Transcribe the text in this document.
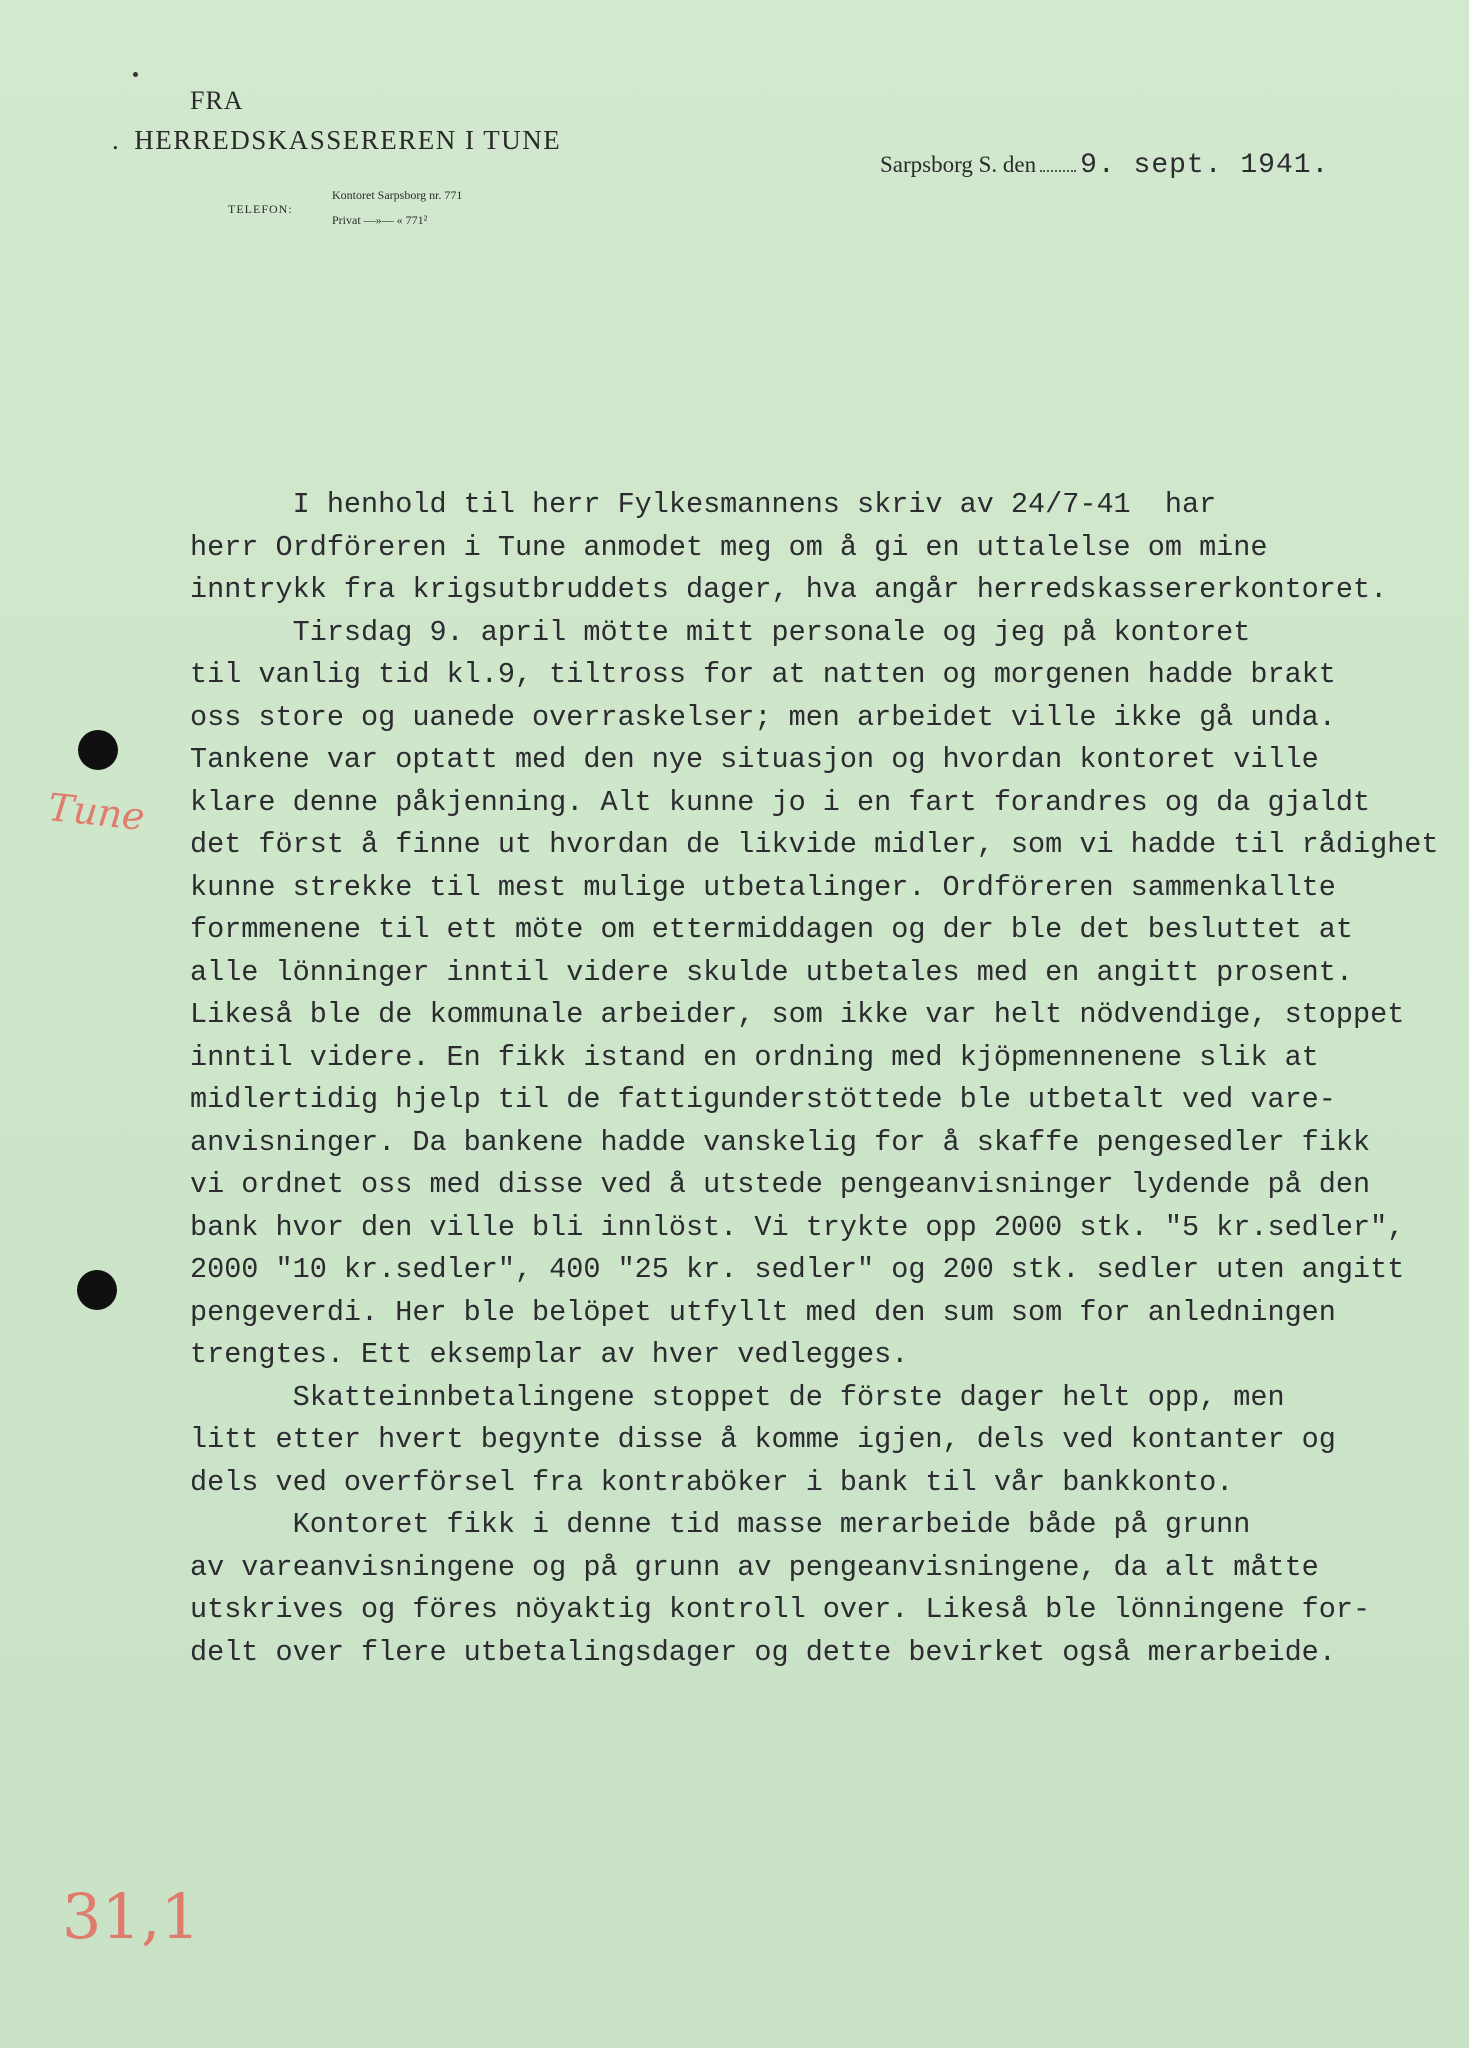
FRA
. HERREDSKASSEREREN I TUNE
TELEFON:
Kontoret Sarpsborg nr. 771
Privat —»— « 771²
Sarpsborg S. den 9. sept. 1941.
I henhold til herr Fylkesmannens skriv av 24/7-41  har
herr Ordföreren i Tune anmodet meg om å gi en uttalelse om mine
inntrykk fra krigsutbruddets dager, hva angår herredskassererkontoret.
Tirsdag 9. april mötte mitt personale og jeg på kontoret
til vanlig tid kl.9, tiltross for at natten og morgenen hadde brakt
oss store og uanede overraskelser; men arbeidet ville ikke gå unda.
Tankene var optatt med den nye situasjon og hvordan kontoret ville
klare denne påkjenning. Alt kunne jo i en fart forandres og da gjaldt
det först å finne ut hvordan de likvide midler, som vi hadde til rådighet
kunne strekke til mest mulige utbetalinger. Ordföreren sammenkallte
formmenene til ett möte om ettermiddagen og der ble det besluttet at
alle lönninger inntil videre skulde utbetales med en angitt prosent.
Likeså ble de kommunale arbeider, som ikke var helt nödvendige, stoppet
inntil videre. En fikk istand en ordning med kjöpmennenene slik at
midlertidig hjelp til de fattigunderstöttede ble utbetalt ved vare-
anvisninger. Da bankene hadde vanskelig for å skaffe pengesedler fikk
vi ordnet oss med disse ved å utstede pengeanvisninger lydende på den
bank hvor den ville bli innlöst. Vi trykte opp 2000 stk. "5 kr.sedler",
2000 "10 kr.sedler", 400 "25 kr. sedler" og 200 stk. sedler uten angitt
pengeverdi. Her ble belöpet utfyllt med den sum som for anledningen
trengtes. Ett eksemplar av hver vedlegges.
Skatteinnbetalingene stoppet de förste dager helt opp, men
litt etter hvert begynte disse å komme igjen, dels ved kontanter og
dels ved overförsel fra kontraböker i bank til vår bankkonto.
Kontoret fikk i denne tid masse merarbeide både på grunn
av vareanvisningene og på grunn av pengeanvisningene, da alt måtte
utskrives og föres nöyaktig kontroll over. Likeså ble lönningene for-
delt over flere utbetalingsdager og dette bevirket også merarbeide.
Tune
31,1
